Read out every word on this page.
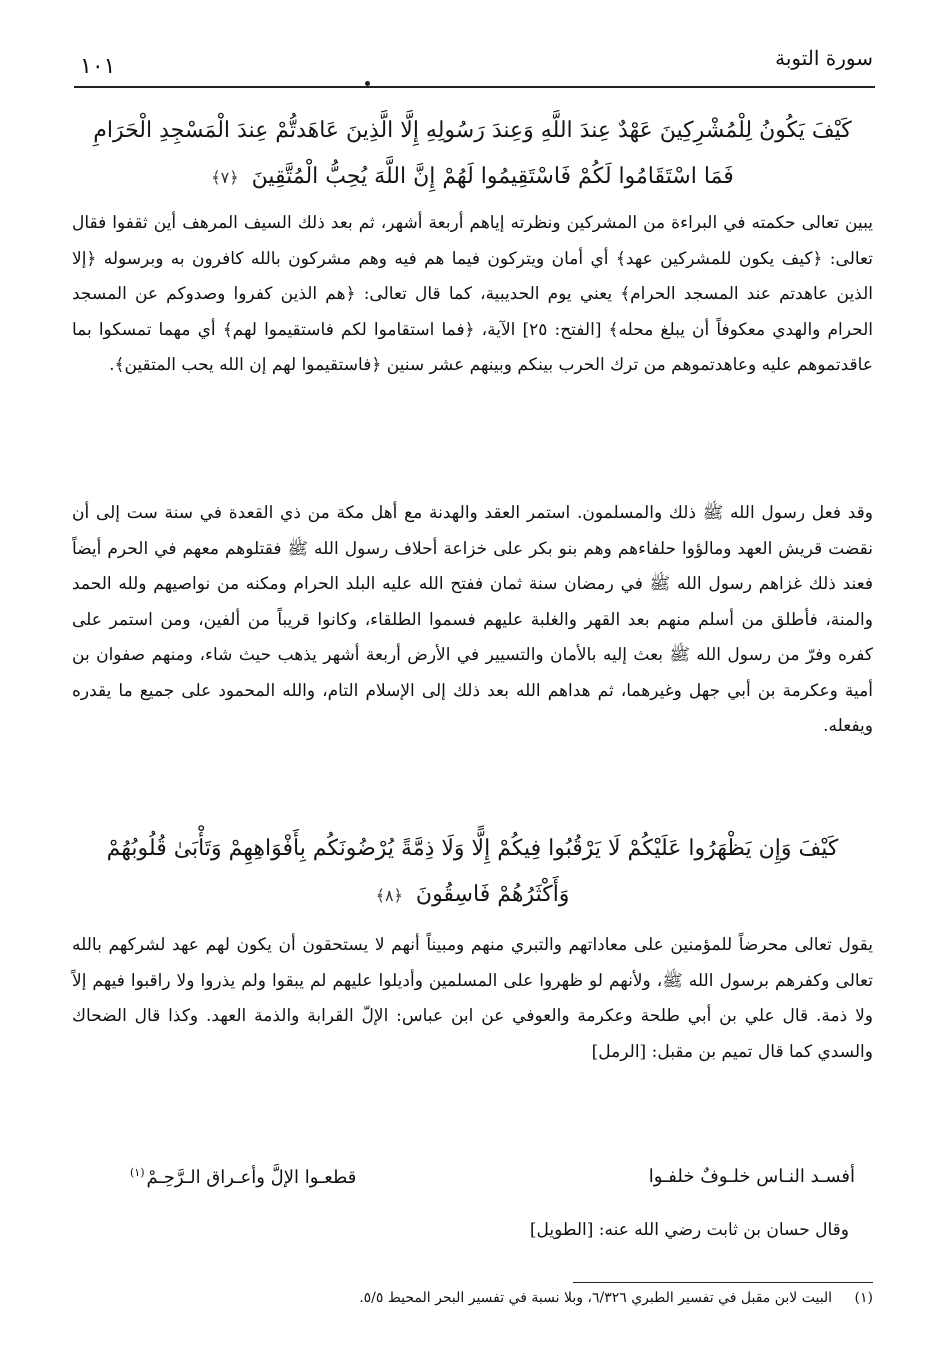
سورة التوبة
١٠١
كَيْفَ يَكُونُ لِلْمُشْرِكِينَ عَهْدٌ عِندَ اللَّهِ وَعِندَ رَسُولِهِ إِلَّا الَّذِينَ عَاهَدتُّمْ عِندَ الْمَسْجِدِ الْحَرَامِ فَمَا اسْتَقَامُوا لَكُمْ فَاسْتَقِيمُوا لَهُمْ إِنَّ اللَّهَ يُحِبُّ الْمُتَّقِينَ ﴿ ٧ ﴾

يبين تعالى حكمته في البراءة من المشركين ونظرته إياهم أربعة أشهر، ثم بعد ذلك السيف المرهف أين ثقفوا فقال تعالى: ﴿كيف يكون للمشركين عهد﴾ أي أمان ويتركون فيما هم فيه وهم مشركون بالله كافرون به وبرسوله ﴿إلا الذين عاهدتم عند المسجد الحرام﴾ يعني يوم الحديبية، كما قال تعالى: ﴿هم الذين كفروا وصدوكم عن المسجد الحرام والهدي معكوفاً أن يبلغ محله﴾ [الفتح: ٢٥] الآية، ﴿فما استقاموا لكم فاستقيموا لهم﴾ أي مهما تمسكوا بما عاقدتموهم عليه وعاهدتموهم من ترك الحرب بينكم وبينهم عشر سنين ﴿فاستقيموا لهم إن الله يحب المتقين﴾.

وقد فعل رسول الله ﷺ ذلك والمسلمون. استمر العقد والهدنة مع أهل مكة من ذي القعدة في سنة ست إلى أن نقضت قريش العهد ومالؤوا حلفاءهم وهم بنو بكر على خزاعة أحلاف رسول الله ﷺ فقتلوهم معهم في الحرم أيضاً فعند ذلك غزاهم رسول الله ﷺ في رمضان سنة ثمان ففتح الله عليه البلد الحرام ومكنه من نواصيهم ولله الحمد والمنة، فأطلق من أسلم منهم بعد القهر والغلبة عليهم فسموا الطلقاء، وكانوا قريباً من ألفين، ومن استمر على كفره وفرّ من رسول الله ﷺ بعث إليه بالأمان والتسيير في الأرض أربعة أشهر يذهب حيث شاء، ومنهم صفوان بن أمية وعكرمة بن أبي جهل وغيرهما، ثم هداهم الله بعد ذلك إلى الإسلام التام، والله المحمود على جميع ما يقدره ويفعله.

كَيْفَ وَإِن يَظْهَرُوا عَلَيْكُمْ لَا يَرْقُبُوا فِيكُمْ إِلًّا وَلَا ذِمَّةً يُرْضُونَكُم بِأَفْوَاهِهِمْ وَتَأْبَىٰ قُلُوبُهُمْ وَأَكْثَرُهُمْ فَاسِقُونَ ﴿ ٨ ﴾

يقول تعالى محرضاً للمؤمنين على معاداتهم والتبري منهم ومبيناً أنهم لا يستحقون أن يكون لهم عهد لشركهم بالله تعالى وكفرهم برسول الله ﷺ، ولأنهم لو ظهروا على المسلمين وأديلوا عليهم لم يبقوا ولم يذروا ولا راقبوا فيهم إلاً ولا ذمة. قال علي بن أبي طلحة وعكرمة والعوفي عن ابن عباس: الإلّ القرابة والذمة العهد. وكذا قال الضحاك والسدي كما قال تميم بن مقبل: [الرمل]

أفسـد النـاس خلـوفٌ خلفـوا
قطعـوا الإلَّ وأعـراق الـرَّحِـمْ$^{(١)}$
وقال حسان بن ثابت رضي الله عنه: [الطويل]
(١) البيت لابن مقبل في تفسير الطبري ٦/٣٢٦، وبلا نسبة في تفسير البحر المحيط ٥/٥.
